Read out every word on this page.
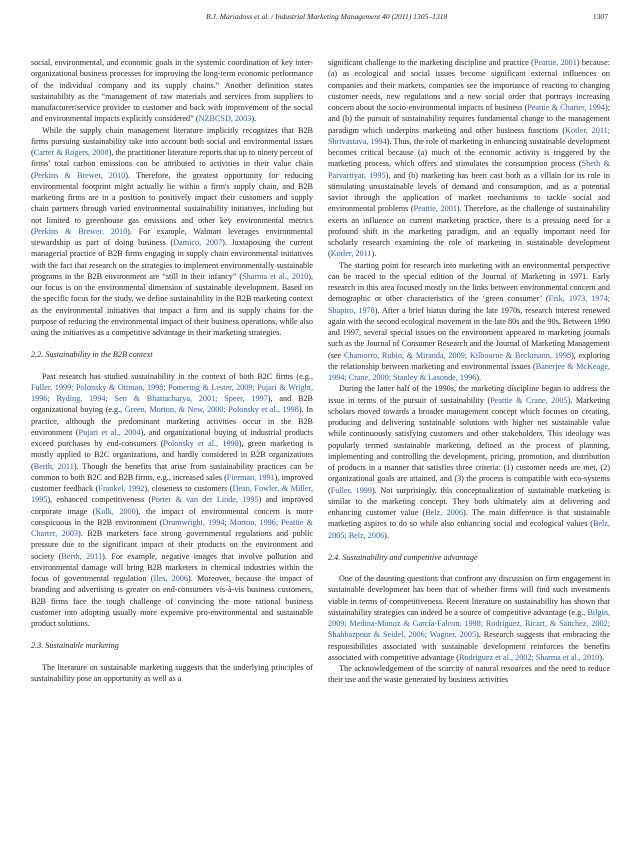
B.J. Mariadoss et al. / Industrial Marketing Management 40 (2011) 1305–1318	1307

social, environmental, and economic goals in the systemic coordination of key inter-organizational business processes for improving the long-term economic performance of the individual company and its supply chains.” Another definition states sustainability as the “management of raw materials and services from suppliers to manufacturer/service provider to customer and back with improvement of the social and environmental impacts explicitly considered” (NZBCSD, 2003).

While the supply chain management literature implicitly recognizes that B2B firms pursuing sustainability take into account both social and environmental issues (Carter & Rogers, 2008), the practitioner literature reports that up to ninety percent of firms’ total carbon emissions can be attributed to activities in their value chain (Perkins & Brewer, 2010). Therefore, the greatest opportunity for reducing environmental footprint might actually lie within a firm's supply chain, and B2B marketing firms are in a position to positively impact their customers and supply chain partners through varied environmental sustainability initiatives, including but not limited to greenhouse gas emissions and other key environmental metrics (Perkins & Brewer, 2010). For example, Walmart leverages environmental stewardship as part of doing business (Damico, 2007). Juxtaposing the current managerial practice of B2B firms engaging in supply chain environmental initiatives with the fact that research on the strategies to implement environmentally sustainable programs in the B2B environment are “still in their infancy” (Sharma et al., 2010), our focus is on the environmental dimension of sustainable development. Based on the specific focus for the study, we define sustainability in the B2B marketing context as the environmental initiatives that impact a firm and its supply chains for the purpose of reducing the environmental impact of their business operations, while also using the initiatives as a competitive advantage in their marketing strategies.

2.2. Sustainability in the B2B context

Past research has studied sustainability in the context of both B2C firms (e.g., Fuller, 1999; Polonsky & Ottman, 1998; Pomering & Lester, 2009; Pujari & Wright, 1996; Ryding, 1994; Sen & Bhattacharya, 2001; Speer, 1997), and B2B organizational buying (e.g., Green, Morton, & New, 2000; Polonsky et al., 1998). In practice, although the predominant marketing activities occur in the B2B environment (Pujari et al., 2004), and organizational buying of industrial products exceed purchases by end-consumers (Polonsky et al., 1998), green marketing is mostly applied to B2C organizations, and hardly considered in B2B organizations (Berth, 2011). Though the benefits that arise from sustainability practices can be common to both B2C and B2B firms, e.g., increased sales (Fierman, 1991), improved customer feedback (Frankel, 1992), closeness to customers (Dean, Fowler, & Miller, 1995), enhanced competitiveness (Porter & van der Linde, 1995) and improved corporate image (Kolk, 2000), the impact of environmental concern is more conspicuous in the B2B environment (Drumwright, 1994; Morton, 1996; Peattie & Charter, 2003). B2B marketers face strong governmental regulations and public pressure due to the significant impact of their products on the environment and society (Berth, 2011). For example, negative images that involve pollution and environmental damage will bring B2B marketers in chemical industries within the focus of governmental regulation (Iles, 2006). Moreover, because the impact of branding and advertising is greater on end-consumers vis-à-vis business customers, B2B firms face the tough challenge of convincing the more rational business customer into adopting usually more expensive pro-environmental and sustainable product solutions.

2.3. Sustainable marketing

The literature on sustainable marketing suggests that the underlying principles of sustainability pose an opportunity as well as a

significant challenge to the marketing discipline and practice (Peattie, 2001) because: (a) as ecological and social issues become significant external influences on companies and their markets, companies see the importance of reacting to changing customer needs, new regulations and a new social order that portrays increasing concern about the socio-environmental impacts of business (Peattie & Charter, 1994); and (b) the pursuit of sustainability requires fundamental change to the management paradigm which underpins marketing and other business functions (Kotler, 2011; Shrivastava, 1994). Thus, the role of marketing in enhancing sustainable development becomes critical because (a) much of the economic activity is triggered by the marketing process, which offers and stimulates the consumption process (Sheth & Parvartiyar, 1995), and (b) marketing has been cast both as a villain for its role in stimulating unsustainable levels of demand and consumption, and as a potential savior through the application of market mechanisms to tackle social and environmental problems (Peattie, 2001). Therefore, as the challenge of sustainability exerts an influence on current marketing practice, there is a pressing need for a profound shift in the marketing paradigm, and an equally important need for scholarly research examining the role of marketing in sustainable development (Kotler, 2011).

The starting point for research into marketing with an environmental perspective can be traced to the special edition of the Journal of Marketing in 1971. Early research in this area focused mostly on the links between environmental concern and demographic or other characteristics of the ‘green consumer’ (Fisk, 1973, 1974; Shapiro, 1978). After a brief hiatus during the late 1970s, research interest renewed again with the second ecological movement in the late 80s and the 90s. Between 1990 and 1997, several special issues on the environment appeared in marketing journals such as the Journal of Consumer Research and the Journal of Marketing Management (see Chamorro, Rubio, & Miranda, 2009; Kilbourne & Beckmann, 1998), exploring the relationship between marketing and environmental issues (Banerjee & McKeage, 1994; Crane, 2000; Stanley & Lasonde, 1996).

During the latter half of the 1990s, the marketing discipline began to address the issue in terms of the pursuit of sustainability (Peattie & Crane, 2005). Marketing scholars moved towards a broader management concept which focuses on creating, producing and delivering sustainable solutions with higher net sustainable value while continuously satisfying customers and other stakeholders. This ideology was popularly termed sustainable marketing, defined as the process of planning, implementing and controlling the development, pricing, promotion, and distribution of products in a manner that satisfies three criteria: (1) customer needs are met, (2) organizational goals are attained, and (3) the process is compatible with eco-systems (Fuller, 1999). Not surprisingly, this conceptualization of sustainable marketing is similar to the marketing concept. They both ultimately aim at delivering and enhancing customer value (Belz, 2006). The main difference is that sustainable marketing aspires to do so while also enhancing social and ecological values (Belz, 2005; Belz, 2006).

2.4. Sustainability and competitive advantage

One of the daunting questions that confront any discussion on firm engagement in sustainable development has been that of whether firms will find such investments viable in terms of competitiveness. Recent literature on sustainability has shown that sustainability strategies can indeed be a source of competitive advantage (e.g., Bilgin, 2009; Medina-Munoz & García-Falcon, 1998; Rodriguez, Ricart, & Sanchez, 2002; Shahbazpour & Seidel, 2006; Wagner, 2005). Research suggests that embracing the responsibilities associated with sustainable development reinforces the benefits associated with competitive advantage (Rodriguez et al., 2002; Sharma et al., 2010).

The acknowledgement of the scarcity of natural resources and the need to reduce their use and the waste generated by business activities
